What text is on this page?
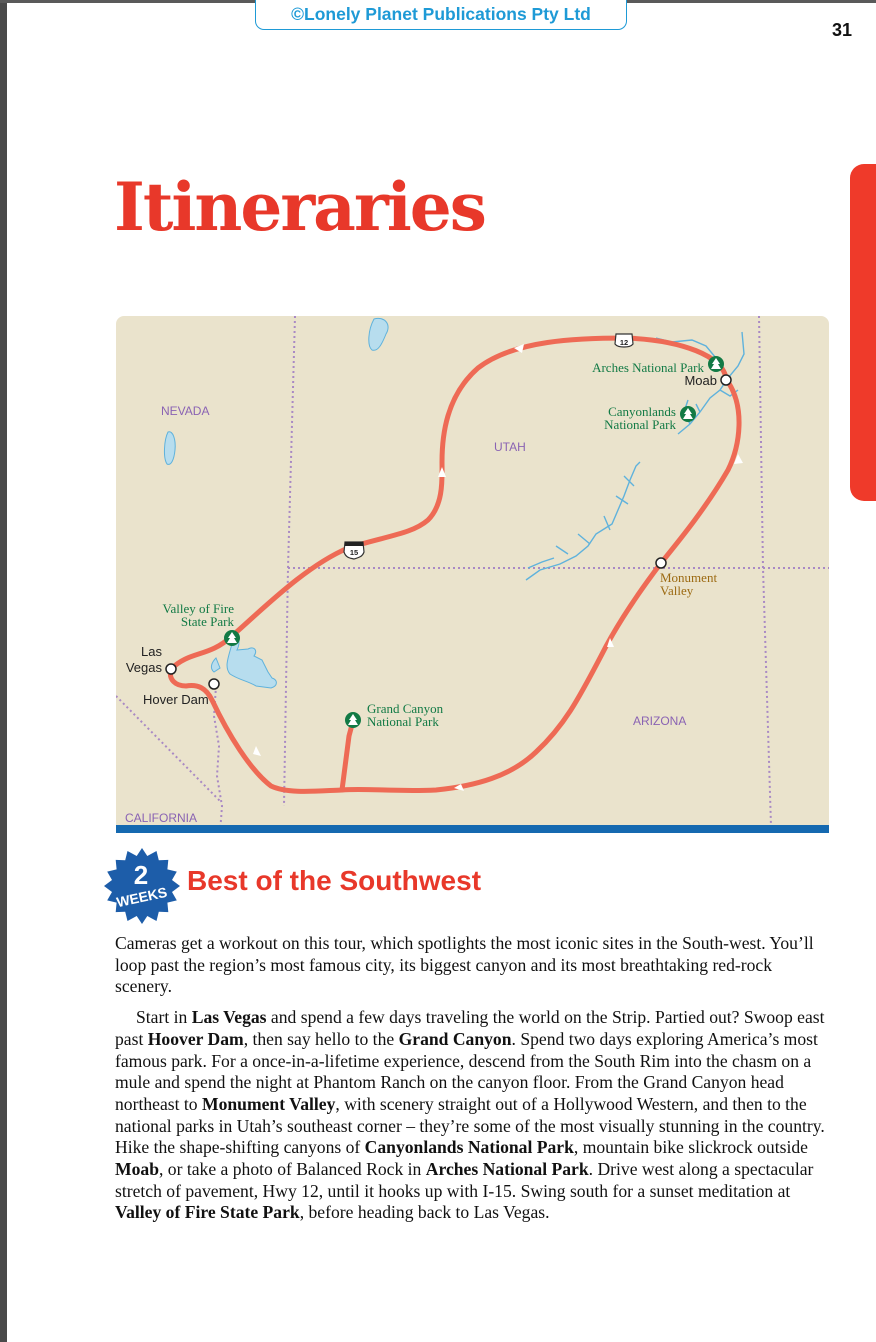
©Lonely Planet Publications Pty Ltd
31
Itineraries
15
12
NEVADA
UTAH
ARIZONA
CALIFORNIA
Las
Vegas
Hover Dam
Moab
Valley of Fire
State Park
Grand Canyon
National Park
Canyonlands
National Park
Arches National Park
Monument
Valley
2
WEEKS
Best of the Southwest

Cameras get a workout on this tour, which spotlights the most iconic sites in the South-west. You’ll loop past the region’s most famous city, its biggest canyon and its most breathtaking red-rock scenery.

Start in Las Vegas and spend a few days traveling the world on the Strip. Partied out? Swoop east past Hoover Dam, then say hello to the Grand Canyon. Spend two days exploring America’s most famous park. For a once-in-a-lifetime experience, descend from the South Rim into the chasm on a mule and spend the night at Phantom Ranch on the canyon floor. From the Grand Canyon head northeast to Monument Valley, with scenery straight out of a Hollywood Western, and then to the national parks in Utah’s southeast corner – they’re some of the most visually stunning in the country. Hike the shape-shifting canyons of Canyonlands National Park, mountain bike slickrock outside Moab, or take a photo of Balanced Rock in Arches National Park. Drive west along a spectacular stretch of pavement, Hwy 12, until it hooks up with I-15. Swing south for a sunset meditation at Valley of Fire State Park, before heading back to Las Vegas.
